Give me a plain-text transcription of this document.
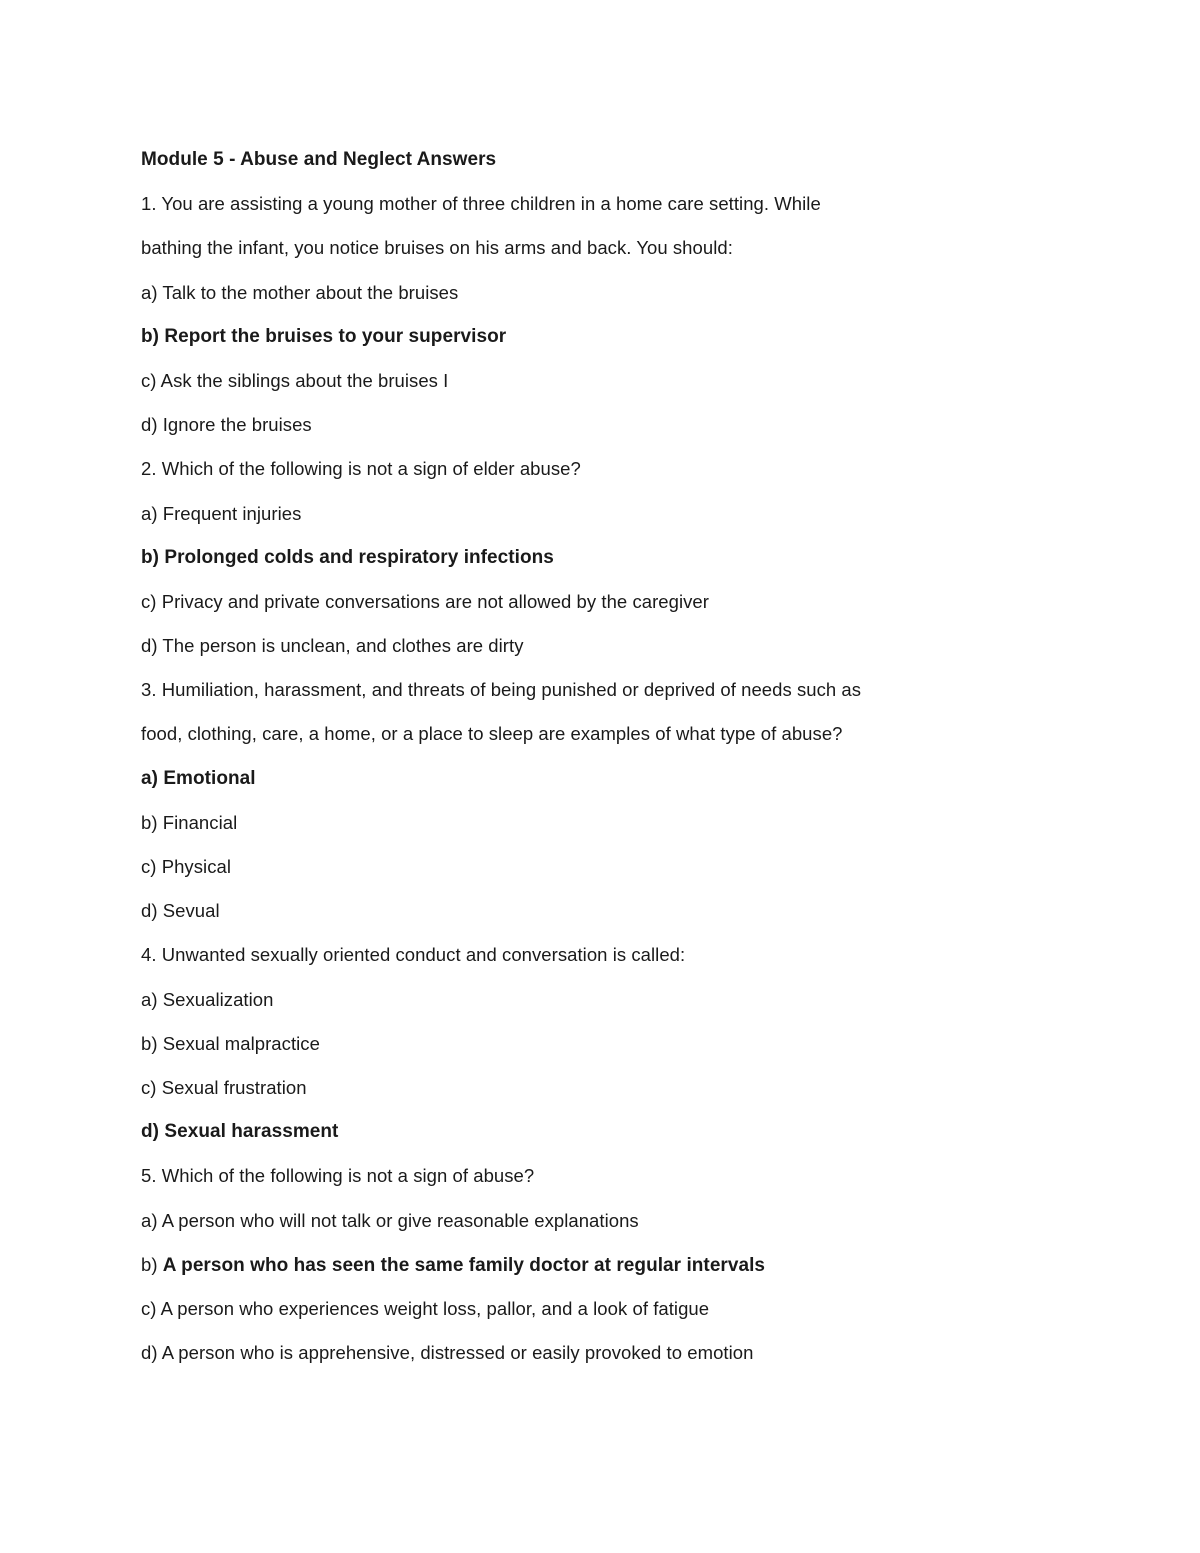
Module 5 - Abuse and Neglect Answers
1. You are assisting a young mother of three children in a home care setting. While
bathing the infant, you notice bruises on his arms and back. You should:
a) Talk to the mother about the bruises
b) Report the bruises to your supervisor
c) Ask the siblings about the bruises I
d) Ignore the bruises
2. Which of the following is not a sign of elder abuse?
a) Frequent injuries
b) Prolonged colds and respiratory infections
c) Privacy and private conversations are not allowed by the caregiver
d) The person is unclean, and clothes are dirty
3. Humiliation, harassment, and threats of being punished or deprived of needs such as
food, clothing, care, a home, or a place to sleep are examples of what type of abuse?
a) Emotional
b) Financial
c) Physical
d) Sevual
4. Unwanted sexually oriented conduct and conversation is called:
a) Sexualization
b) Sexual malpractice
c) Sexual frustration
d) Sexual harassment
5. Which of the following is not a sign of abuse?
a) A person who will not talk or give reasonable explanations
b) A person who has seen the same family doctor at regular intervals
c) A person who experiences weight loss, pallor, and a look of fatigue
d) A person who is apprehensive, distressed or easily provoked to emotion
